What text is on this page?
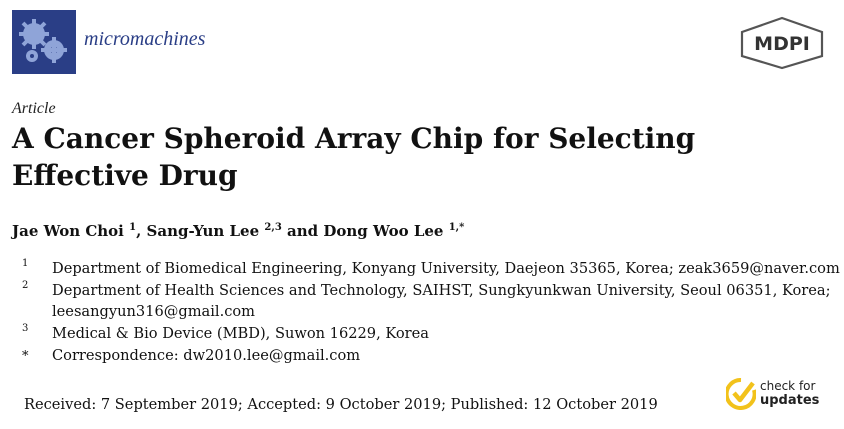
micromachines	MDPI
Article
A Cancer Spheroid Array Chip for Selecting
Effective Drug
Jae Won Choi $^1$, Sang-Yun Lee $^{2,3}$ and Dong Woo Lee $^{1,*}$
1 Department of Biomedical Engineering, Konyang University, Daejeon 35365, Korea; zeak3659@naver.com
2 Department of Health Sciences and Technology, SAIHST, Sungkyunkwan University, Seoul 06351, Korea;
leesangyun316@gmail.com
3 Medical & Bio Device (MBD), Suwon 16229, Korea
* Correspondence: dw2010.lee@gmail.com
Received: 7 September 2019; Accepted: 9 October 2019; Published: 12 October 2019
check for
updates
